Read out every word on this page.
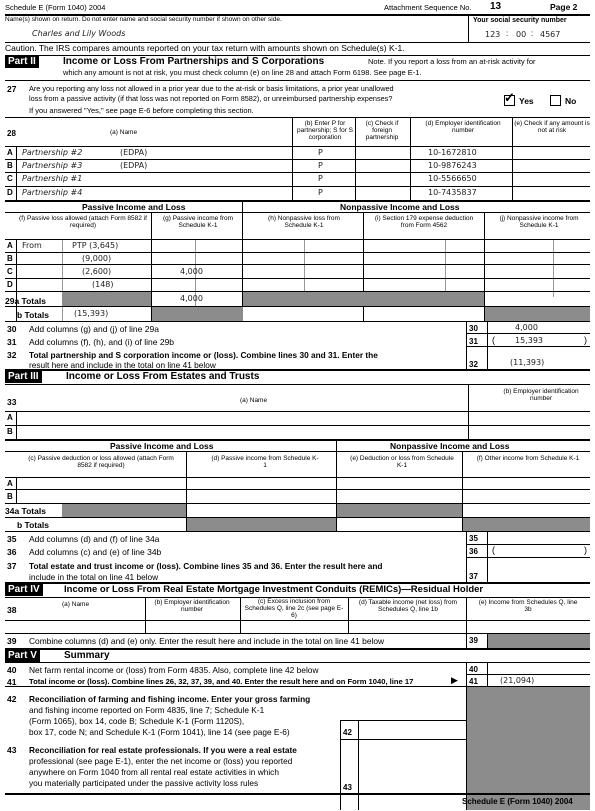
Schedule E (Form 1040) 2004	Attachment Sequence No. 13	Page 2
Name(s) shown on return. Do not enter name and social security number if shown on other side.
Charles and Lily Woods
Your social security number
123 : 00 : 4567
Caution. The IRS compares amounts reported on your tax return with amounts shown on Schedule(s) K-1.
Part II	Income or Loss From Partnerships and S Corporations	Note. If you report a loss from an at-risk activity for
which any amount is not at risk, you must check column (e) on line 28 and attach Form 6198. See page E-1.
27 Are you reporting any loss not allowed in a prior year due to the at-risk or basis limitations, a prior year unallowed
loss from a passive activity (if that loss was not reported on Form 8582), or unreimbursed partnership expenses?
If you answered "Yes," see page E-6 before completing this section.
✓ Yes	No
28	(a) Name
(b) Enter P for partnership; S for S corporation
(c) Check if foreign partnership
(d) Employer identification number
(e) Check if any amount is not at risk
A Partnership #2	(EDPA)	P	10-1672810
B Partnership #3	(EDPA)	P	10-9876243
C Partnership #1	P	10-5566650
D Partnership #4	P	10-7435837
Passive Income and Loss	Nonpassive Income and Loss
(f) Passive loss allowed (attach Form 8582 if required)
(g) Passive income from Schedule K-1
(h) Nonpassive loss from Schedule K-1
(i) Section 179 expense deduction from Form 4562
(j) Nonpassive income from Schedule K-1
A From	PTP (3,645)
B	(9,000)
C	(2,600)	4,000
D	(148)
29a Totals	4,000
b Totals	(15,393)
30 Add columns (g) and (j) of line 29a	30	4,000
31 Add columns (f), (h), and (i) of line 29b	31 (	15,393	)
32 Total partnership and S corporation income or (loss). Combine lines 30 and 31. Enter the
result here and include in the total on line 41 below	32	(11,393)
Part III	Income or Loss From Estates and Trusts
33	(a) Name
(b) Employer identification number
A
B
Passive Income and Loss	Nonpassive Income and Loss
(c) Passive deduction or loss allowed (attach Form 8582 if required)
(d) Passive income from Schedule K-1
(e) Deduction or loss from Schedule K-1
(f) Other income from Schedule K-1
A
B
34a Totals
b Totals
35 Add columns (d) and (f) of line 34a	35
36 Add columns (c) and (e) of line 34b	36 (	)
37 Total estate and trust income or (loss). Combine lines 35 and 36. Enter the result here and
include in the total on line 41 below	37
Part IV	Income or Loss From Real Estate Mortgage Investment Conduits (REMICs)—Residual Holder
38
(a) Name	(b) Employer identification number
(c) Excess inclusion from Schedules Q, line 2c (see page E-6)
(d) Taxable income (net loss) from Schedules Q, line 1b
(e) Income from Schedules Q, line 3b
39 Combine columns (d) and (e) only. Enter the result here and include in the total on line 41 below	39
Part V	Summary
40 Net farm rental income or (loss) from Form 4835. Also, complete line 42 below	40
41 Total income or (loss). Combine lines 26, 32, 37, 39, and 40. Enter the result here and on Form 1040, line 17	▶ 41	(21,094)
42 Reconciliation of farming and fishing income. Enter your gross farming
and fishing income reported on Form 4835, line 7; Schedule K-1
(Form 1065), box 14, code B; Schedule K-1 (Form 1120S),
box 17, code N; and Schedule K-1 (Form 1041), line 14 (see page E-6)	42
43 Reconciliation for real estate professionals. If you were a real estate
professional (see page E-1), enter the net income or (loss) you reported
anywhere on Form 1040 from all rental real estate activities in which
you materially participated under the passive activity loss rules	43
Schedule E (Form 1040) 2004
